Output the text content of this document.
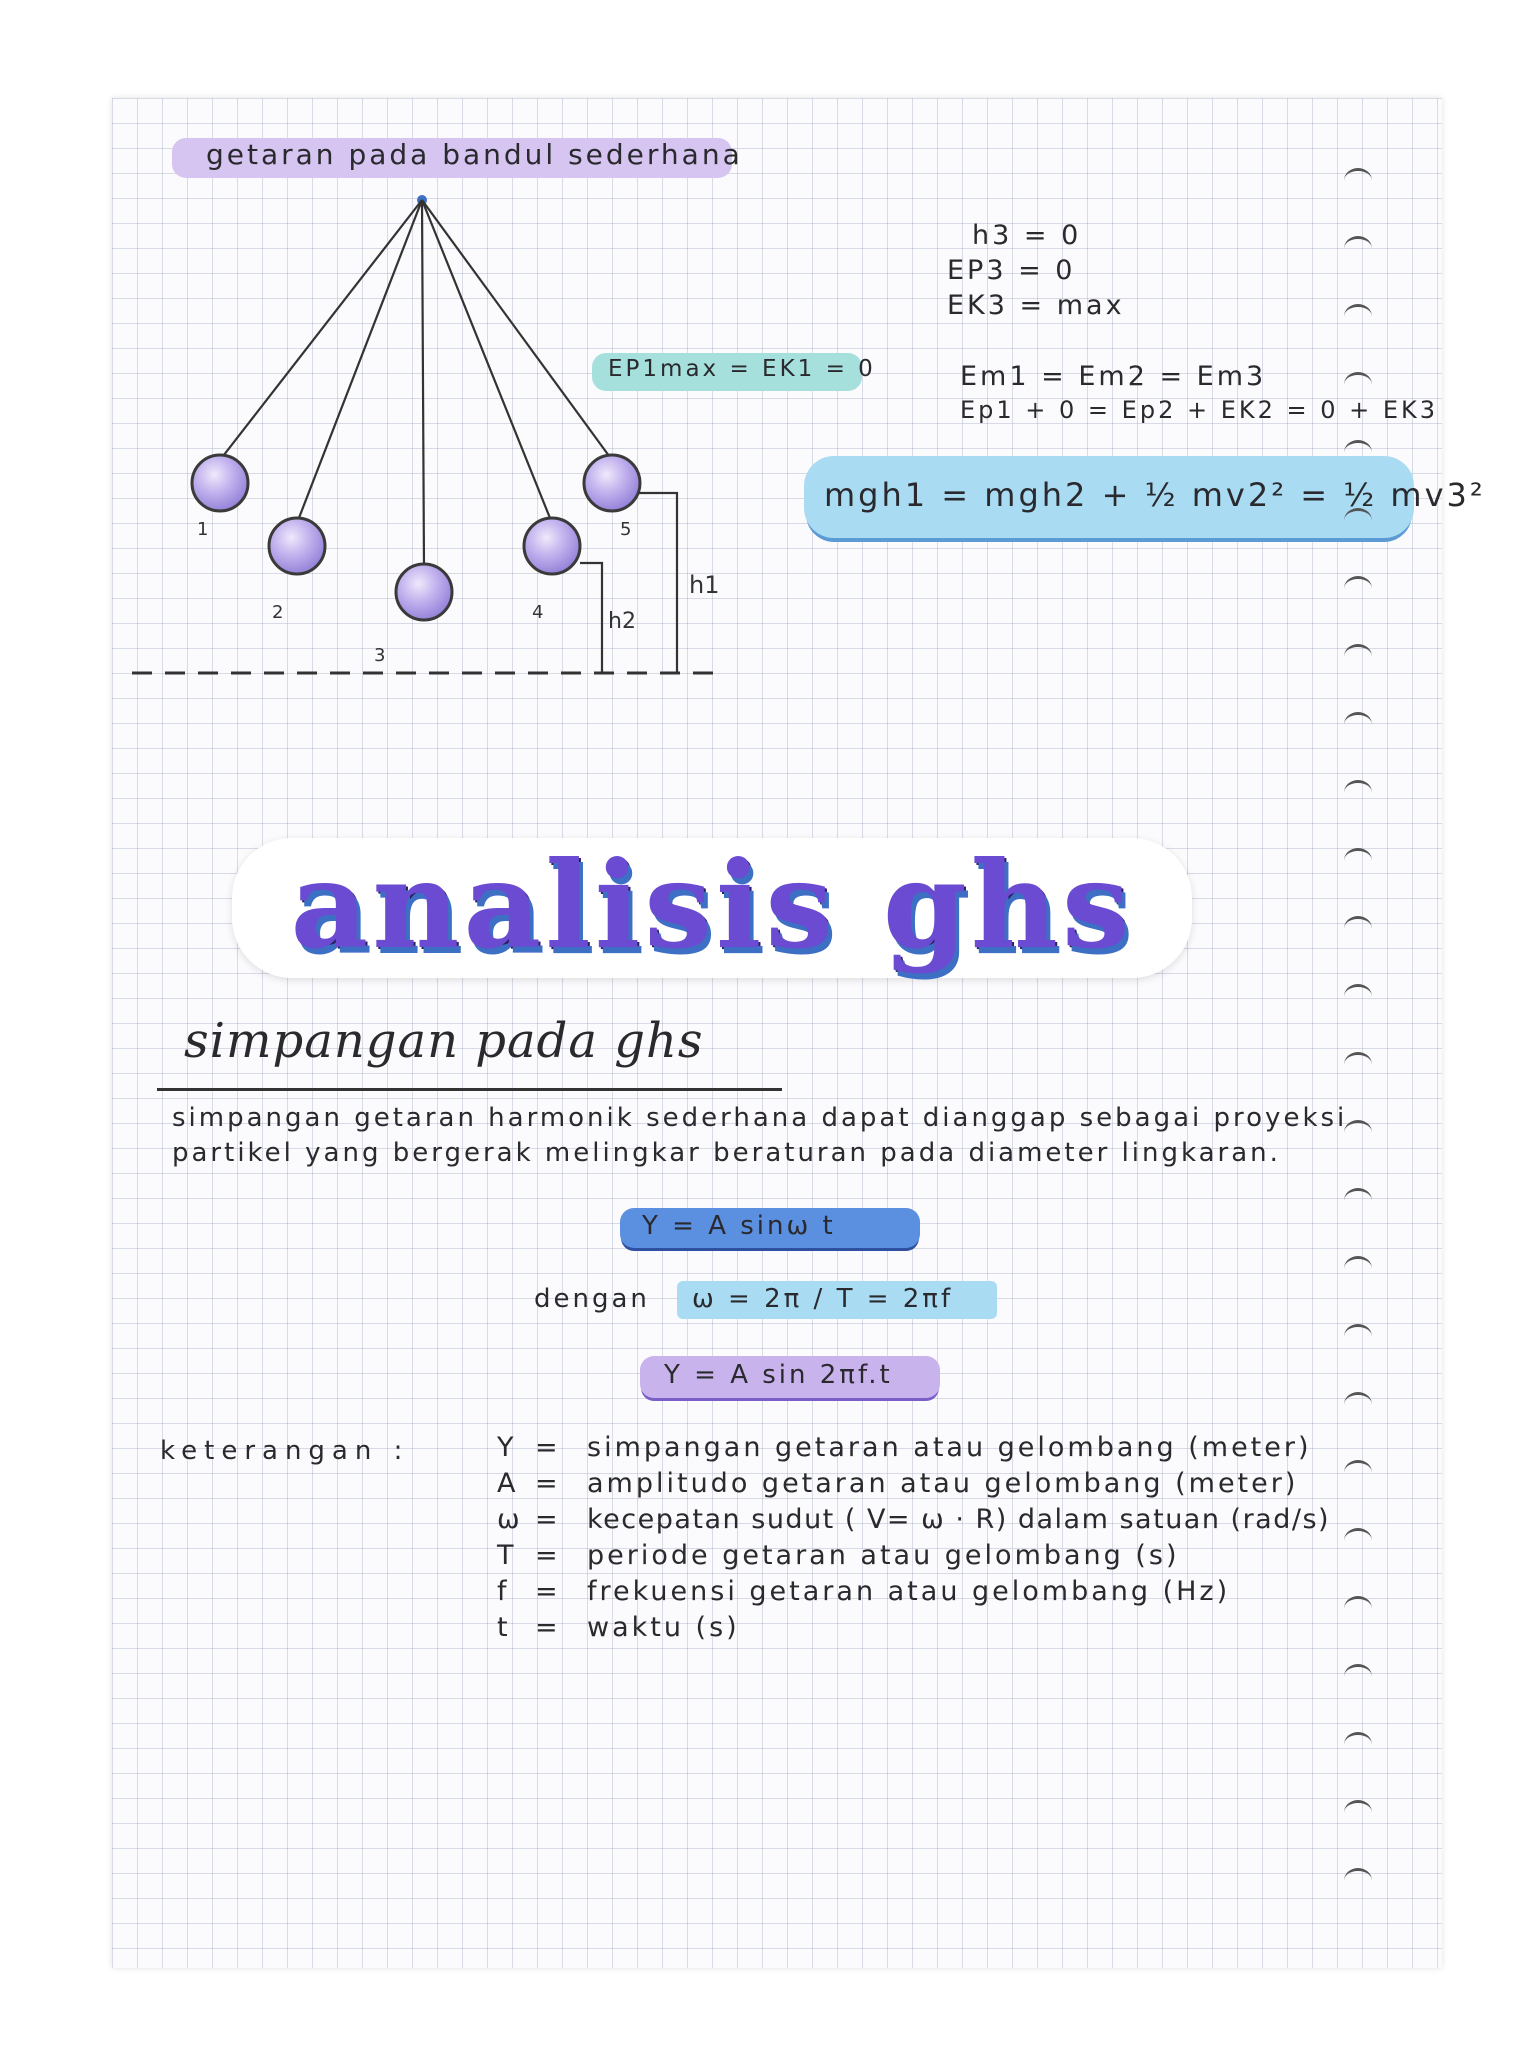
getaran pada bandul sederhana
1
2
3
4
5
h1
h2
EP1max = EK1 = 0
h3 = 0
EP3 = 0
EK3 = max
Em1 = Em2 = Em3
Ep1 + 0 = Ep2 + EK2 = 0 + EK3
mgh1 = mgh2 + ½ mv2² = ½ mv3²
analisis ghs
simpangan pada ghs
simpangan getaran harmonik sederhana dapat dianggap sebagai proyeksi
partikel yang bergerak melingkar beraturan pada diameter lingkaran.
Y = A sinω t
dengan ω = 2π / T = 2πf
Y = A sin 2πf.t
keterangan :	Y = simpangan getaran atau gelombang (meter)
A = amplitudo getaran atau gelombang (meter)
ω = kecepatan sudut ( V= ω · R) dalam satuan (rad/s)
T = periode getaran atau gelombang (s)
f = frekuensi getaran atau gelombang (Hz)
t = waktu (s)
